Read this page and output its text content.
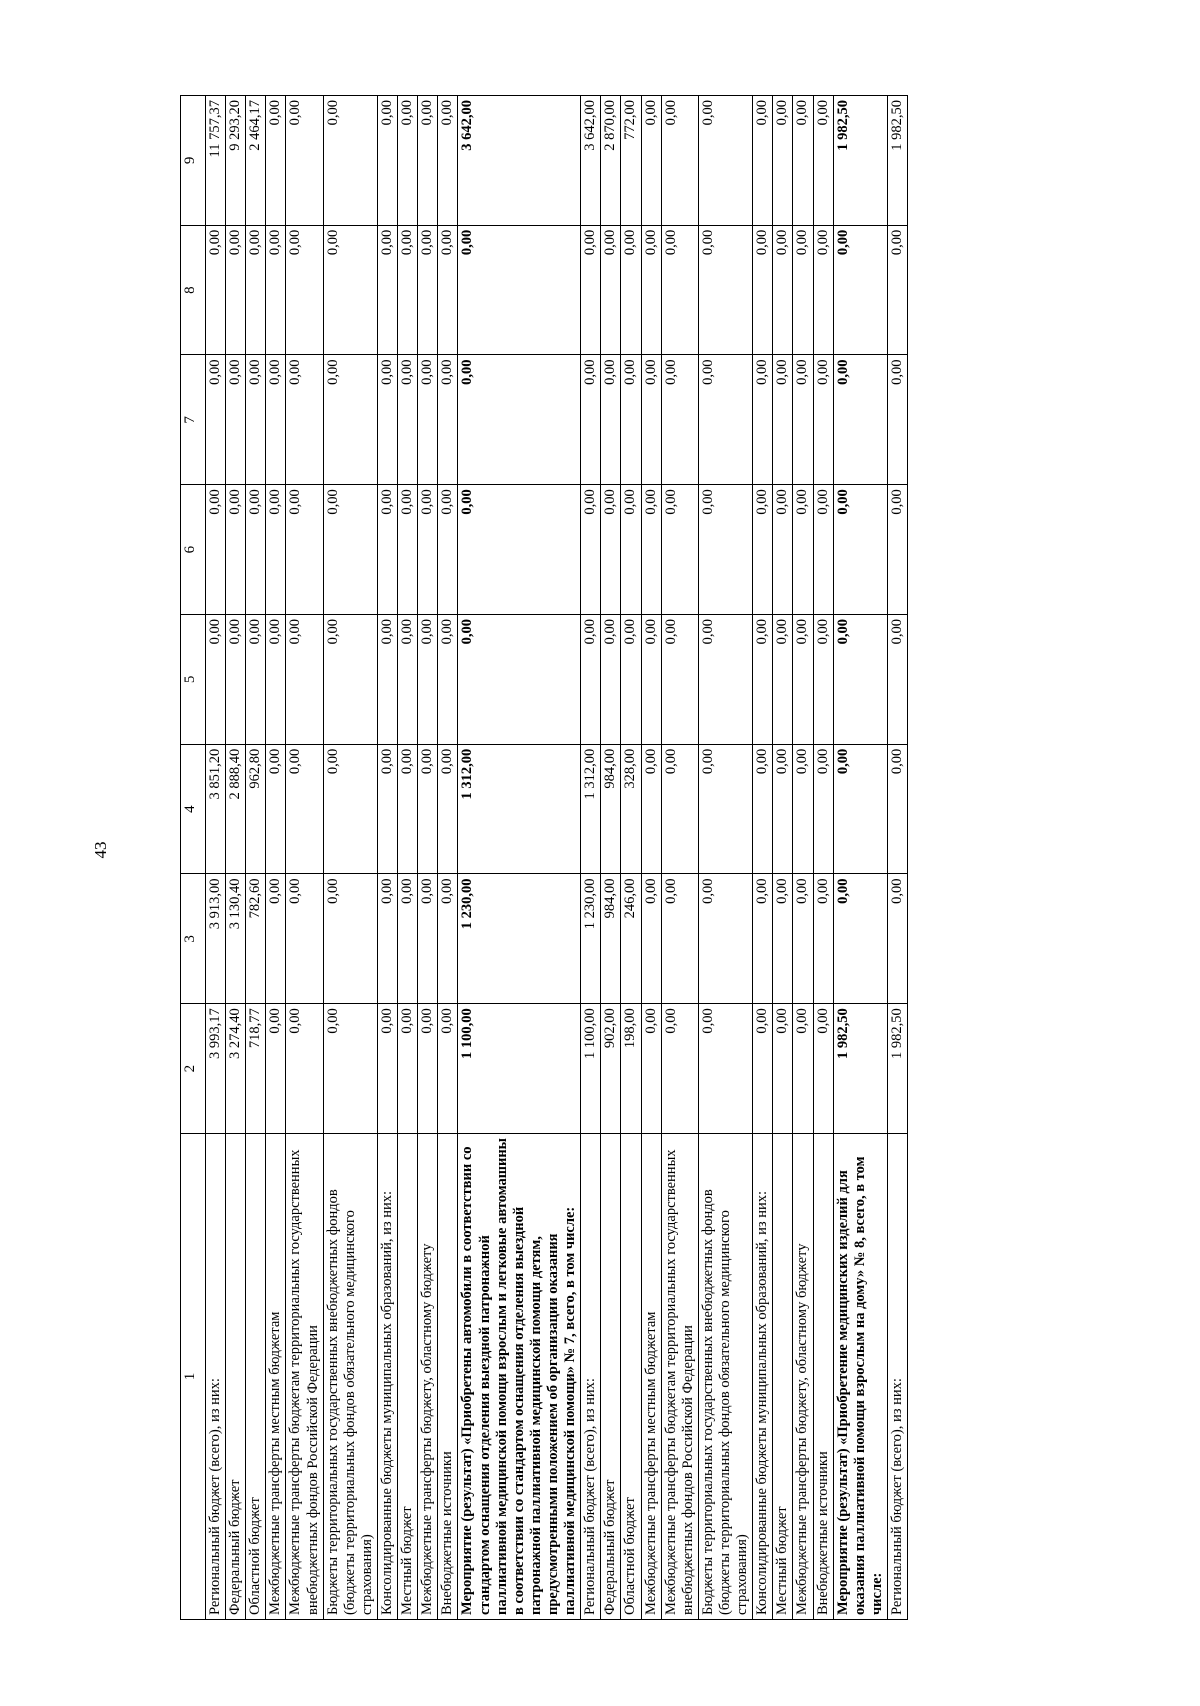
43
1	2	3	4	5	6	7	8	9
Региональный бюджет (всего), из них:	3 993,17	3 913,00	3 851,20	0,00	0,00	0,00	0,00	11 757,37
Федеральный бюджет	3 274,40	3 130,40	2 888,40	0,00	0,00	0,00	0,00	9 293,20
Областной бюджет	718,77	782,60	962,80	0,00	0,00	0,00	0,00	2 464,17
Межбюджетные трансферты местным бюджетам	0,00	0,00	0,00	0,00	0,00	0,00	0,00	0,00
Межбюджетные трансферты бюджетам территориальных государственных внебюджетных фондов Российской Федерации	0,00	0,00	0,00	0,00	0,00	0,00	0,00	0,00
Бюджеты территориальных государственных внебюджетных фондов (бюджеты территориальных фондов обязательного медицинского страхования)	0,00	0,00	0,00	0,00	0,00	0,00	0,00	0,00
Консолидированные бюджеты муниципальных образований, из них:	0,00	0,00	0,00	0,00	0,00	0,00	0,00	0,00
Местный бюджет	0,00	0,00	0,00	0,00	0,00	0,00	0,00	0,00
Межбюджетные трансферты бюджету, областному бюджету	0,00	0,00	0,00	0,00	0,00	0,00	0,00	0,00
Внебюджетные источники	0,00	0,00	0,00	0,00	0,00	0,00	0,00	0,00
Мероприятие (результат) «Приобретены автомобили в соответствии со стандартом оснащения отделения выездной патронажной паллиативной медицинской помощи взрослым и легковые автомашины в соответствии со стандартом оснащения отделения выездной патронажной паллиативной медицинской помощи детям, предусмотренными положением об организации оказания паллиативной медицинской помощи» № 7, всего, в том числе:	1 100,00	1 230,00	1 312,00	0,00	0,00	0,00	0,00	3 642,00
Региональный бюджет (всего), из них:	1 100,00	1 230,00	1 312,00	0,00	0,00	0,00	0,00	3 642,00
Федеральный бюджет	902,00	984,00	984,00	0,00	0,00	0,00	0,00	2 870,00
Областной бюджет	198,00	246,00	328,00	0,00	0,00	0,00	0,00	772,00
Межбюджетные трансферты местным бюджетам	0,00	0,00	0,00	0,00	0,00	0,00	0,00	0,00
Межбюджетные трансферты бюджетам территориальных государственных внебюджетных фондов Российской Федерации	0,00	0,00	0,00	0,00	0,00	0,00	0,00	0,00
Бюджеты территориальных государственных внебюджетных фондов (бюджеты территориальных фондов обязательного медицинского страхования)	0,00	0,00	0,00	0,00	0,00	0,00	0,00	0,00
Консолидированные бюджеты муниципальных образований, из них:	0,00	0,00	0,00	0,00	0,00	0,00	0,00	0,00
Местный бюджет	0,00	0,00	0,00	0,00	0,00	0,00	0,00	0,00
Межбюджетные трансферты бюджету, областному бюджету	0,00	0,00	0,00	0,00	0,00	0,00	0,00	0,00
Внебюджетные источники	0,00	0,00	0,00	0,00	0,00	0,00	0,00	0,00
Мероприятие (результат) «Приобретение медицинских изделий для оказания паллиативной помощи взрослым на дому» № 8, всего, в том числе:	1 982,50	0,00	0,00	0,00	0,00	0,00	0,00	1 982,50
Региональный бюджет (всего), из них:	1 982,50	0,00	0,00	0,00	0,00	0,00	0,00	1 982,50
